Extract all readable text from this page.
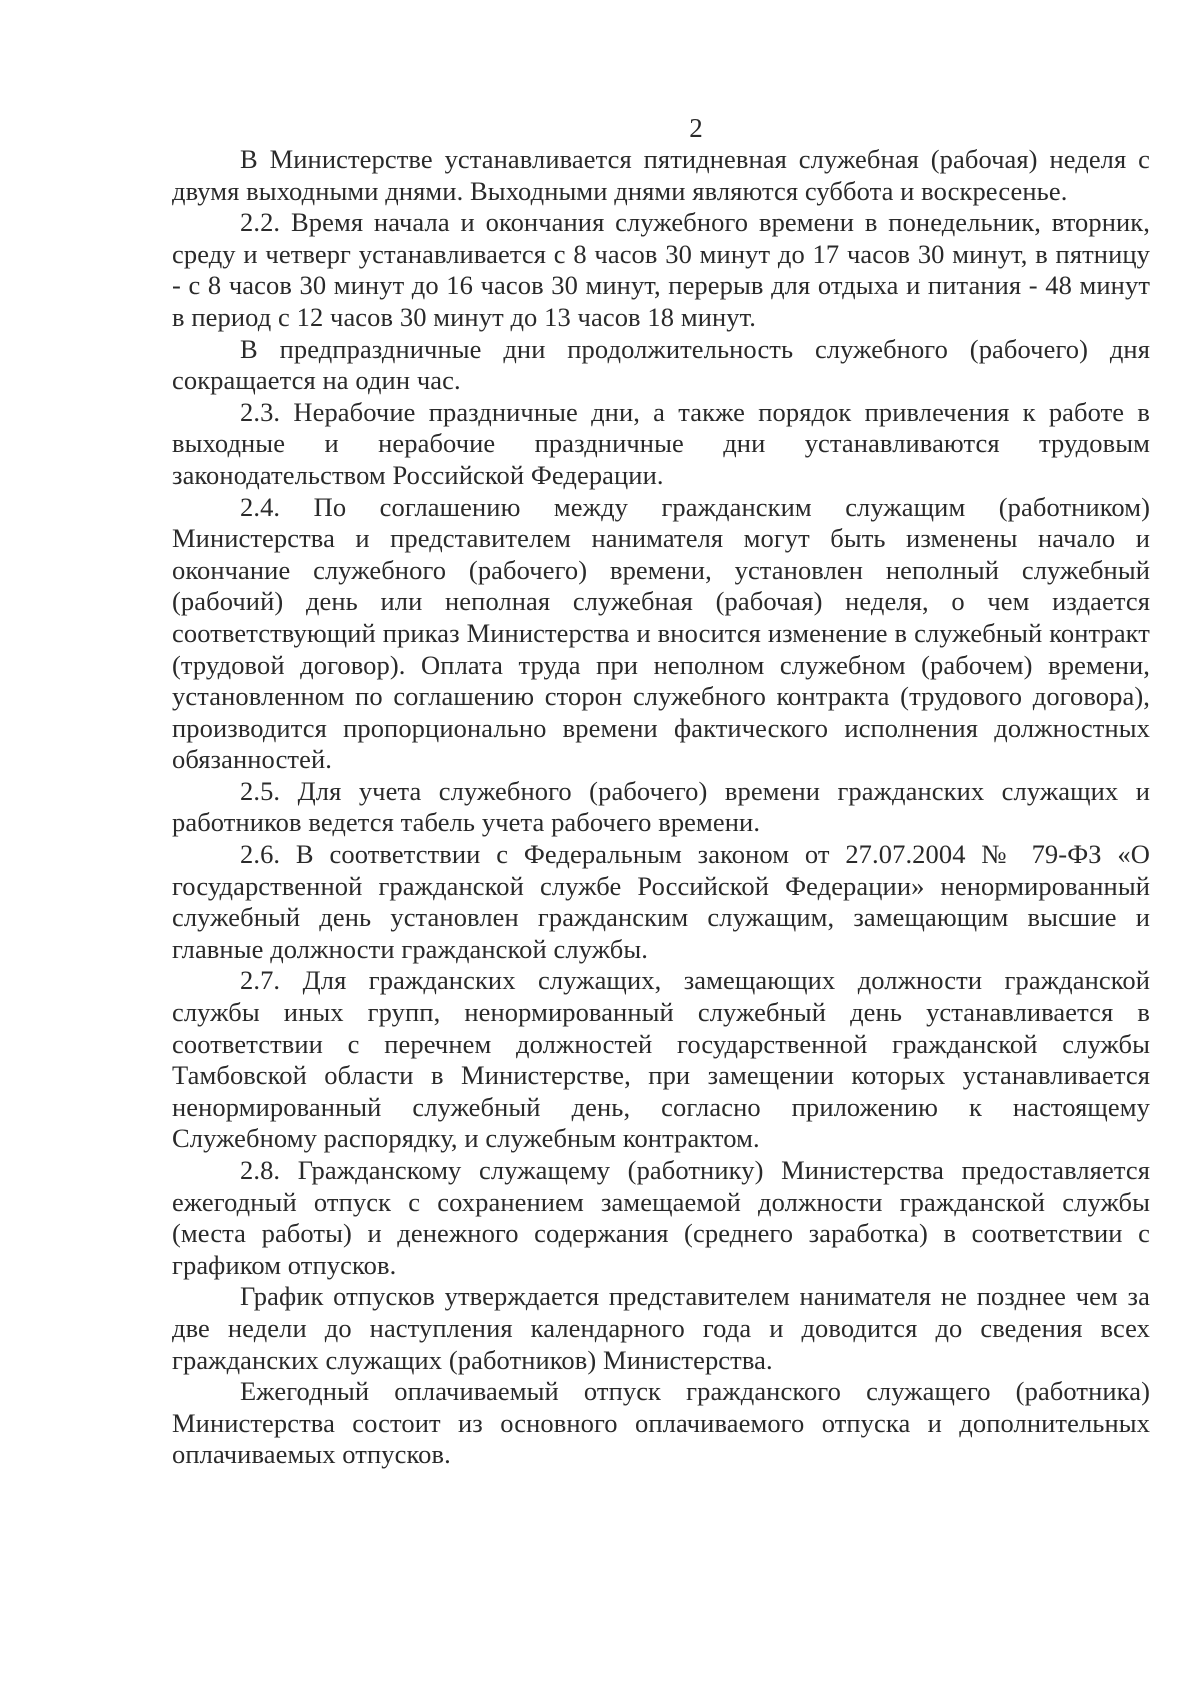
2

В Министерстве устанавливается пятидневная служебная (рабочая) неделя с двумя выходными днями. Выходными днями являются суббота и воскресенье.

2.2. Время начала и окончания служебного времени в понедельник, вторник, среду и четверг устанавливается с 8 часов 30 минут до 17 часов 30 минут, в пятницу - с 8 часов 30 минут до 16 часов 30 минут, перерыв для отдыха и питания - 48 минут в период с 12 часов 30 минут до 13 часов 18 минут.

В предпраздничные дни продолжительность служебного (рабочего) дня сокращается на один час.

2.3. Нерабочие праздничные дни, а также порядок привлечения к работе в выходные и нерабочие праздничные дни устанавливаются трудовым законодательством Российской Федерации.

2.4. По соглашению между гражданским служащим (работником) Министерства и представителем нанимателя могут быть изменены начало и окончание служебного (рабочего) времени, установлен неполный служебный (рабочий) день или неполная служебная (рабочая) неделя, о чем издается соответствующий приказ Министерства и вносится изменение в служебный контракт (трудовой договор). Оплата труда при неполном служебном (рабочем) времени, установленном по соглашению сторон служебного контракта (трудового договора), производится пропорционально времени фактического исполнения должностных обязанностей.

2.5. Для учета служебного (рабочего) времени гражданских служащих и работников ведется табель учета рабочего времени.

2.6. В соответствии с Федеральным законом от 27.07.2004 № 79-ФЗ «О государственной гражданской службе Российской Федерации» ненормированный служебный день установлен гражданским служащим, замещающим высшие и главные должности гражданской службы.

2.7. Для гражданских служащих, замещающих должности гражданской службы иных групп, ненормированный служебный день устанавливается в соответствии с перечнем должностей государственной гражданской службы Тамбовской области в Министерстве, при замещении которых устанавливается ненормированный служебный день, согласно приложению к настоящему Служебному распорядку, и служебным контрактом.

2.8. Гражданскому служащему (работнику) Министерства предоставляется ежегодный отпуск с сохранением замещаемой должности гражданской службы (места работы) и денежного содержания (среднего заработка) в соответствии с графиком отпусков.

График отпусков утверждается представителем нанимателя не позднее чем за две недели до наступления календарного года и доводится до сведения всех гражданских служащих (работников) Министерства.

Ежегодный оплачиваемый отпуск гражданского служащего (работника) Министерства состоит из основного оплачиваемого отпуска и дополнительных оплачиваемых отпусков.
